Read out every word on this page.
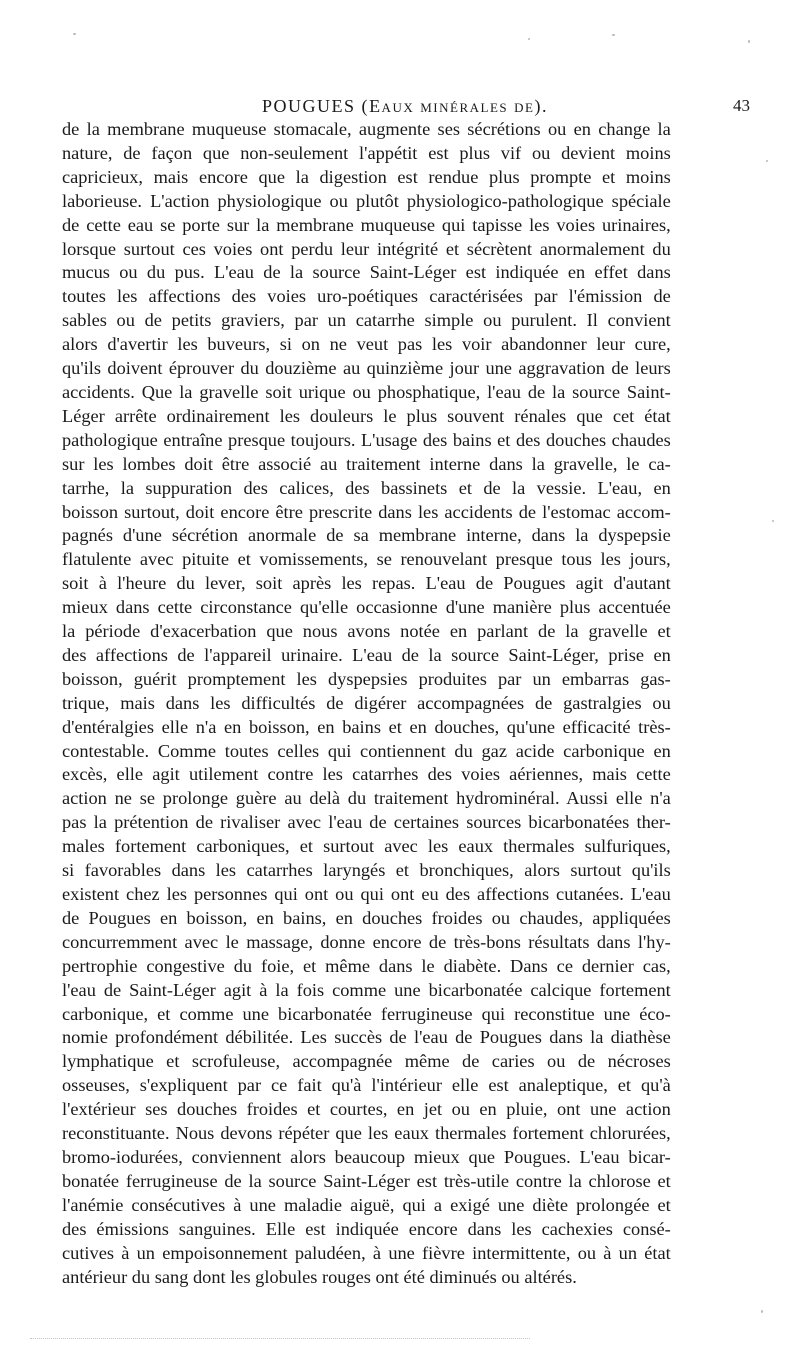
POUGUES (Eaux minérales de).	43
de la membrane muqueuse stomacale, augmente ses sécrétions ou en change la
nature, de façon que non-seulement l'appétit est plus vif ou devient moins
capricieux, mais encore que la digestion est rendue plus prompte et moins
laborieuse. L'action physiologique ou plutôt physiologico-pathologique spéciale
de cette eau se porte sur la membrane muqueuse qui tapisse les voies urinaires,
lorsque surtout ces voies ont perdu leur intégrité et sécrètent anormalement du
mucus ou du pus. L'eau de la source Saint-Léger est indiquée en effet dans
toutes les affections des voies uro-poétiques caractérisées par l'émission de
sables ou de petits graviers, par un catarrhe simple ou purulent. Il convient
alors d'avertir les buveurs, si on ne veut pas les voir abandonner leur cure,
qu'ils doivent éprouver du douzième au quinzième jour une aggravation de leurs
accidents. Que la gravelle soit urique ou phosphatique, l'eau de la source Saint-
Léger arrête ordinairement les douleurs le plus souvent rénales que cet état
pathologique entraîne presque toujours. L'usage des bains et des douches chaudes
sur les lombes doit être associé au traitement interne dans la gravelle, le ca-
tarrhe, la suppuration des calices, des bassinets et de la vessie. L'eau, en
boisson surtout, doit encore être prescrite dans les accidents de l'estomac accom-
pagnés d'une sécrétion anormale de sa membrane interne, dans la dyspepsie
flatulente avec pituite et vomissements, se renouvelant presque tous les jours,
soit à l'heure du lever, soit après les repas. L'eau de Pougues agit d'autant
mieux dans cette circonstance qu'elle occasionne d'une manière plus accentuée
la période d'exacerbation que nous avons notée en parlant de la gravelle et
des affections de l'appareil urinaire. L'eau de la source Saint-Léger, prise en
boisson, guérit promptement les dyspepsies produites par un embarras gas-
trique, mais dans les difficultés de digérer accompagnées de gastralgies ou
d'entéralgies elle n'a en boisson, en bains et en douches, qu'une efficacité très-
contestable. Comme toutes celles qui contiennent du gaz acide carbonique en
excès, elle agit utilement contre les catarrhes des voies aériennes, mais cette
action ne se prolonge guère au delà du traitement hydrominéral. Aussi elle n'a
pas la prétention de rivaliser avec l'eau de certaines sources bicarbonatées ther-
males fortement carboniques, et surtout avec les eaux thermales sulfuriques,
si favorables dans les catarrhes laryngés et bronchiques, alors surtout qu'ils
existent chez les personnes qui ont ou qui ont eu des affections cutanées. L'eau
de Pougues en boisson, en bains, en douches froides ou chaudes, appliquées
concurremment avec le massage, donne encore de très-bons résultats dans l'hy-
pertrophie congestive du foie, et même dans le diabète. Dans ce dernier cas,
l'eau de Saint-Léger agit à la fois comme une bicarbonatée calcique fortement
carbonique, et comme une bicarbonatée ferrugineuse qui reconstitue une éco-
nomie profondément débilitée. Les succès de l'eau de Pougues dans la diathèse
lymphatique et scrofuleuse, accompagnée même de caries ou de nécroses
osseuses, s'expliquent par ce fait qu'à l'intérieur elle est analeptique, et qu'à
l'extérieur ses douches froides et courtes, en jet ou en pluie, ont une action
reconstituante. Nous devons répéter que les eaux thermales fortement chlorurées,
bromo-iodurées, conviennent alors beaucoup mieux que Pougues. L'eau bicar-
bonatée ferrugineuse de la source Saint-Léger est très-utile contre la chlorose et
l'anémie consécutives à une maladie aiguë, qui a exigé une diète prolongée et
des émissions sanguines. Elle est indiquée encore dans les cachexies consé-
cutives à un empoisonnement paludéen, à une fièvre intermittente, ou à un état
antérieur du sang dont les globules rouges ont été diminués ou altérés.
